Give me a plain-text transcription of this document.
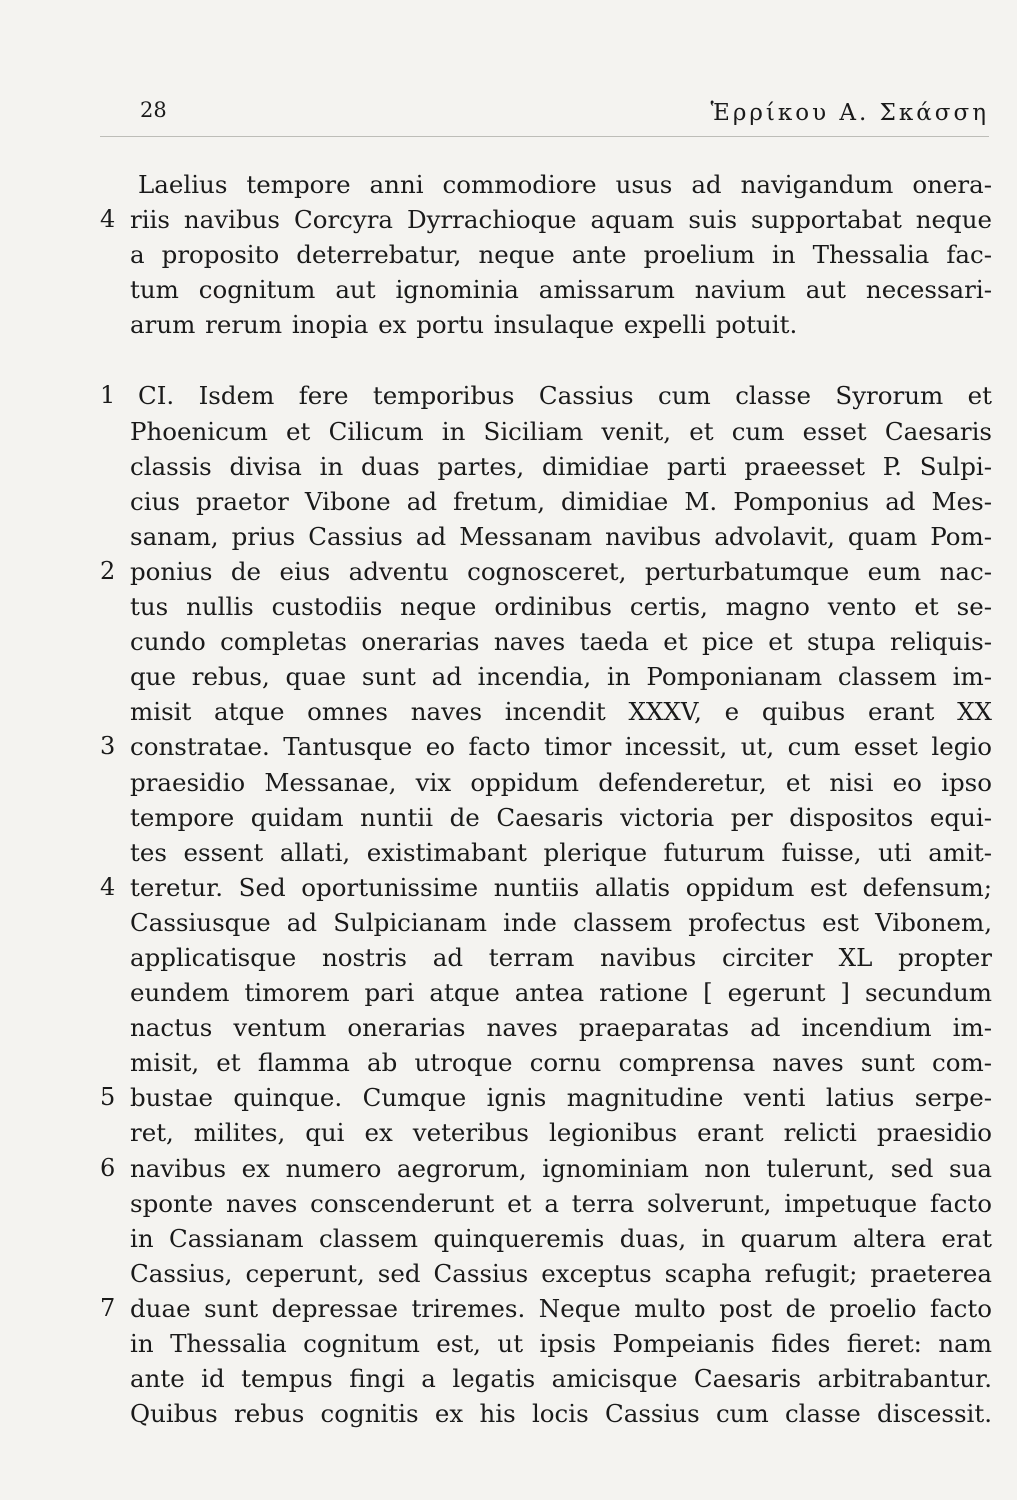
28	Ἑρρίκου Α. Σκάσση
Laelius tempore anni commodiore usus ad navigandum onera-
4 riis navibus Corcyra Dyrrachioque aquam suis supportabat neque
a proposito deterrebatur, neque ante proelium in Thessalia fac-
tum cognitum aut ignominia amissarum navium aut necessari-
arum rerum inopia ex portu insulaque expelli potuit.
1 CI. Isdem fere temporibus Cassius cum classe Syrorum et
Phoenicum et Cilicum in Siciliam venit, et cum esset Caesaris
classis divisa in duas partes, dimidiae parti praeesset P. Sulpi-
cius praetor Vibone ad fretum, dimidiae M. Pomponius ad Mes-
sanam, prius Cassius ad Messanam navibus advolavit, quam Pom-
2 ponius de eius adventu cognosceret, perturbatumque eum nac-
tus nullis custodiis neque ordinibus certis, magno vento et se-
cundo completas onerarias naves taeda et pice et stupa reliquis-
que rebus, quae sunt ad incendia, in Pomponianam classem im-
misit atque omnes naves incendit XXXV, e quibus erant XX
3 constratae. Tantusque eo facto timor incessit, ut, cum esset legio
praesidio Messanae, vix oppidum defenderetur, et nisi eo ipso
tempore quidam nuntii de Caesaris victoria per dispositos equi-
tes essent allati, existimabant plerique futurum fuisse, uti amit-
4 teretur. Sed oportunissime nuntiis allatis oppidum est defensum;
Cassiusque ad Sulpicianam inde classem profectus est Vibonem,
applicatisque nostris ad terram navibus circiter XL propter
eundem timorem pari atque antea ratione [ egerunt ] secundum
nactus ventum onerarias naves praeparatas ad incendium im-
misit, et flamma ab utroque cornu comprensa naves sunt com-
5 bustae quinque. Cumque ignis magnitudine venti latius serpe-
ret, milites, qui ex veteribus legionibus erant relicti praesidio
6 navibus ex numero aegrorum, ignominiam non tulerunt, sed sua
sponte naves conscenderunt et a terra solverunt, impetuque facto
in Cassianam classem quinqueremis duas, in quarum altera erat
Cassius, ceperunt, sed Cassius exceptus scapha refugit; praeterea
7 duae sunt depressae triremes. Neque multo post de proelio facto
in Thessalia cognitum est, ut ipsis Pompeianis fides fieret: nam
ante id tempus fingi a legatis amicisque Caesaris arbitrabantur.
Quibus rebus cognitis ex his locis Cassius cum classe discessit.
